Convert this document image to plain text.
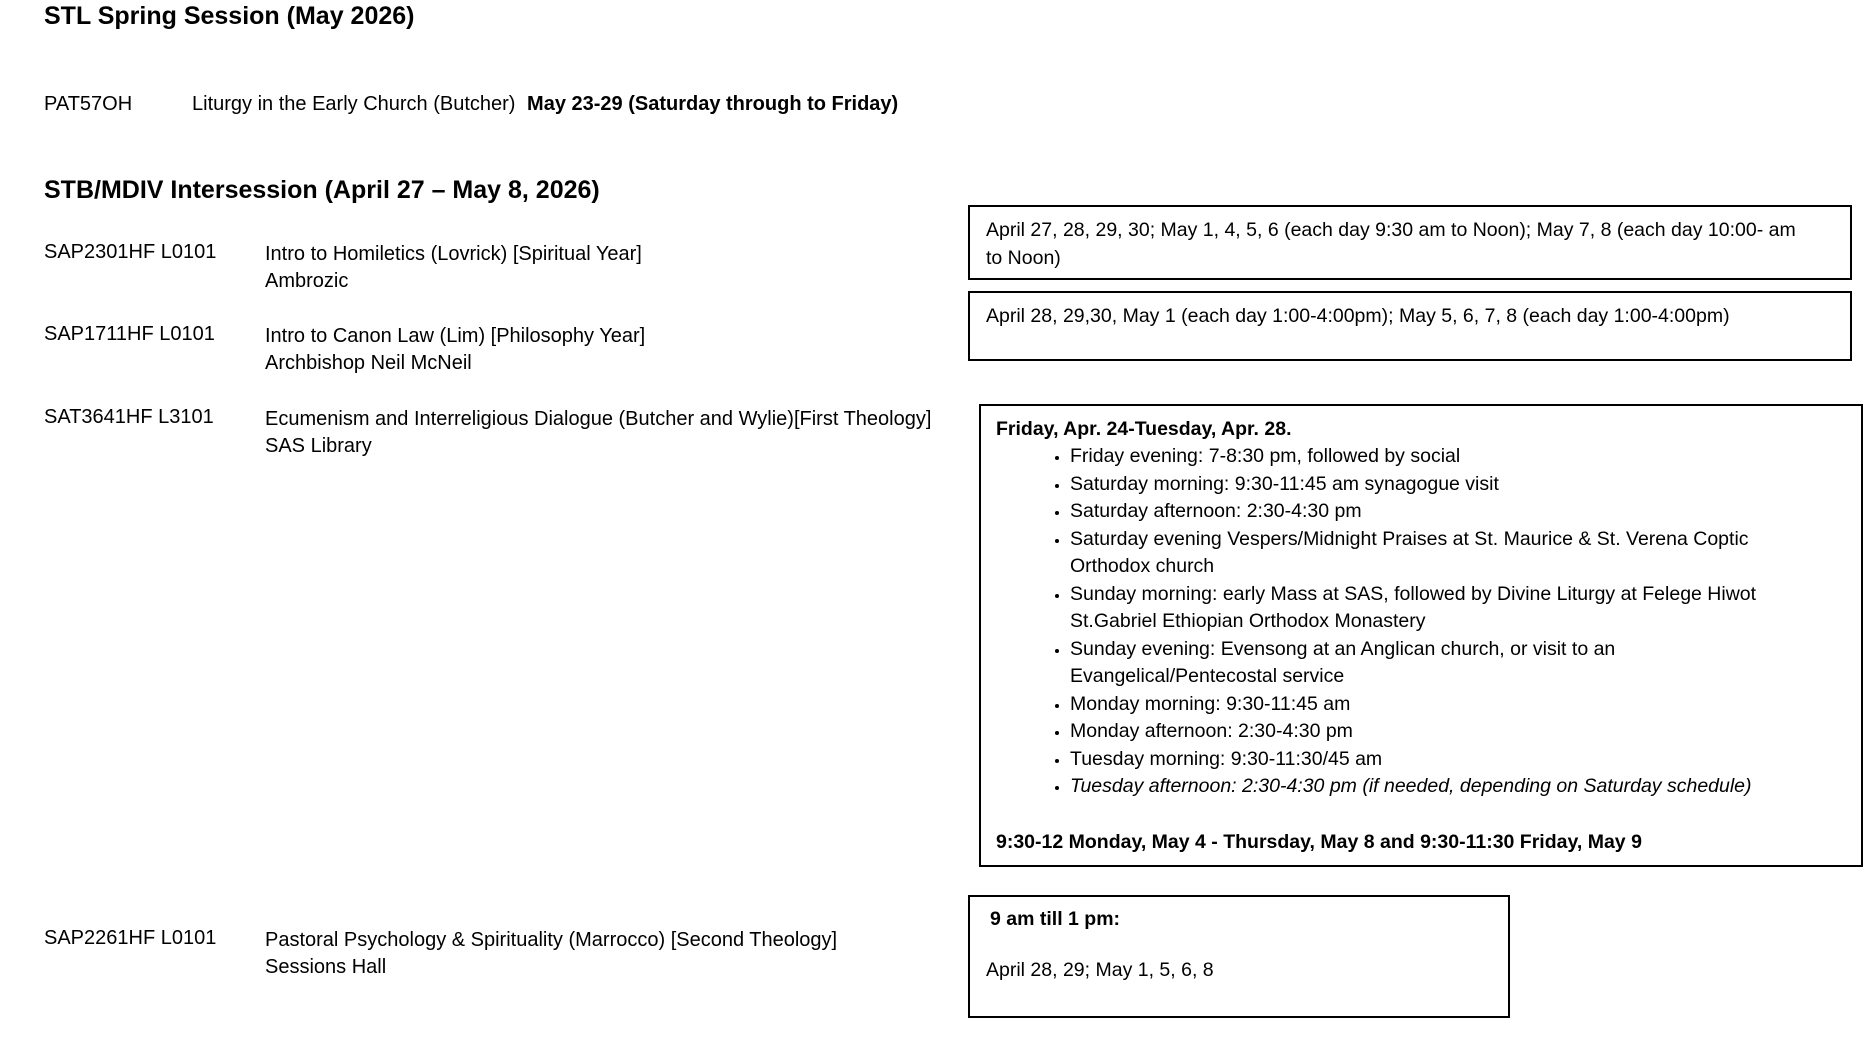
STL Spring Session (May 2026)
PAT57OH	Liturgy in the Early Church (Butcher) May 23-29 (Saturday through to Friday)
STB/MDIV Intersession (April 27 – May 8, 2026)
SAP2301HF L0101 Intro to Homiletics (Lovrick) [Spiritual Year]
Ambrozic
April 27, 28, 29, 30; May 1, 4, 5, 6 (each day 9:30 am to Noon); May 7, 8 (each day 10:00- am
to Noon)
SAP1711HF L0101	Intro to Canon Law (Lim) [Philosophy Year]
Archbishop Neil McNeil
April 28, 29,30, May 1 (each day 1:00-4:00pm); May 5, 6, 7, 8 (each day 1:00-4:00pm)
SAT3641HF L3101	Ecumenism and Interreligious Dialogue (Butcher and Wylie)[First Theology]
SAS Library
Friday, Apr. 24-Tuesday, Apr. 28.
• Friday evening: 7-8:30 pm, followed by social
• Saturday morning: 9:30-11:45 am synagogue visit
• Saturday afternoon: 2:30-4:30 pm
• Saturday evening Vespers/Midnight Praises at St. Maurice & St. Verena Coptic
Orthodox church
• Sunday morning: early Mass at SAS, followed by Divine Liturgy at Felege Hiwot
St.Gabriel Ethiopian Orthodox Monastery
• Sunday evening: Evensong at an Anglican church, or visit to an
Evangelical/Pentecostal service
• Monday morning: 9:30-11:45 am
• Monday afternoon: 2:30-4:30 pm
• Tuesday morning: 9:30-11:30/45 am
• Tuesday afternoon: 2:30-4:30 pm (if needed, depending on Saturday schedule)
9:30-12 Monday, May 4 - Thursday, May 8 and 9:30-11:30 Friday, May 9
SAP2261HF L0101 Pastoral Psychology & Spirituality (Marrocco) [Second Theology]
Sessions Hall
9 am till 1 pm:
April 28, 29; May 1, 5, 6, 8
